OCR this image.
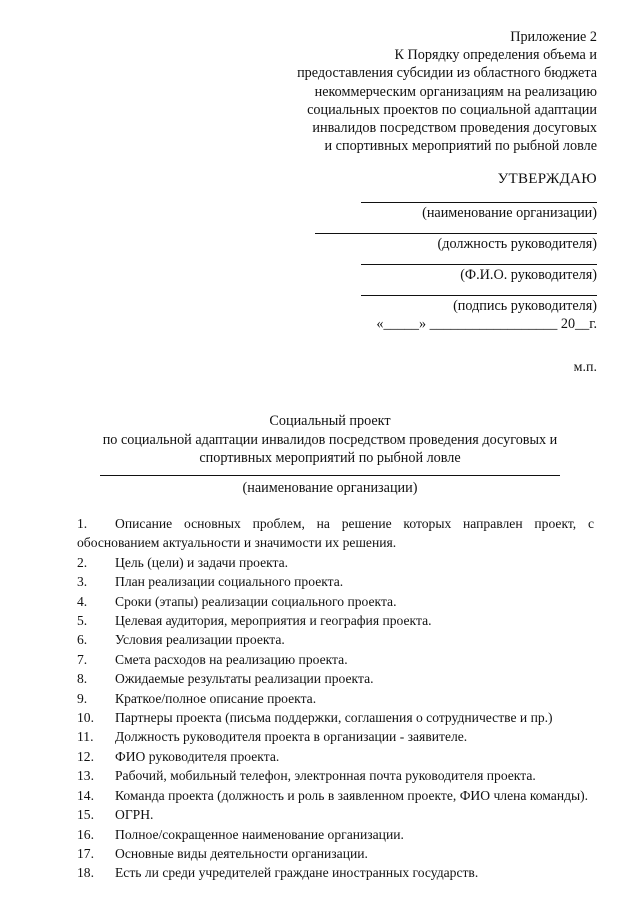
Приложение 2
К Порядку определения объема и
предоставления субсидии из областного бюджета
некоммерческим организациям на реализацию
социальных проектов по социальной адаптации
инвалидов посредством проведения досуговых
и спортивных мероприятий по рыбной ловле
УТВЕРЖДАЮ
(наименование организации)
(должность руководителя)
(Ф.И.О. руководителя)
(подпись руководителя)
«_____» __________________ 20__г.
м.п.
Социальный проект
по социальной адаптации инвалидов посредством проведения досуговых и
спортивных мероприятий по рыбной ловле
(наименование организации)
1. Описание основных проблем, на решение которых направлен проект, с обоснованием актуальности и значимости их решения.
2.	Цель (цели) и задачи проекта.
3.	План реализации социального проекта.
4.	Сроки (этапы) реализации социального проекта.
5.	Целевая аудитория, мероприятия и география проекта.
6.	Условия реализации проекта.
7.	Смета расходов на реализацию проекта.
8.	Ожидаемые результаты реализации проекта.
9.	Краткое/полное описание проекта.
10. Партнеры проекта (письма поддержки, соглашения о сотрудничестве и пр.)
11.	Должность руководителя проекта в организации - заявителе.
12.	ФИО руководителя проекта.
13.	Рабочий, мобильный телефон, электронная почта руководителя проекта.
14. Команда проекта (должность и роль в заявленном проекте, ФИО члена команды).
15.	ОГРН.
16.	Полное/сокращенное наименование организации.
17.	Основные виды деятельности организации.
18.	Есть ли среди учредителей граждане иностранных государств.
